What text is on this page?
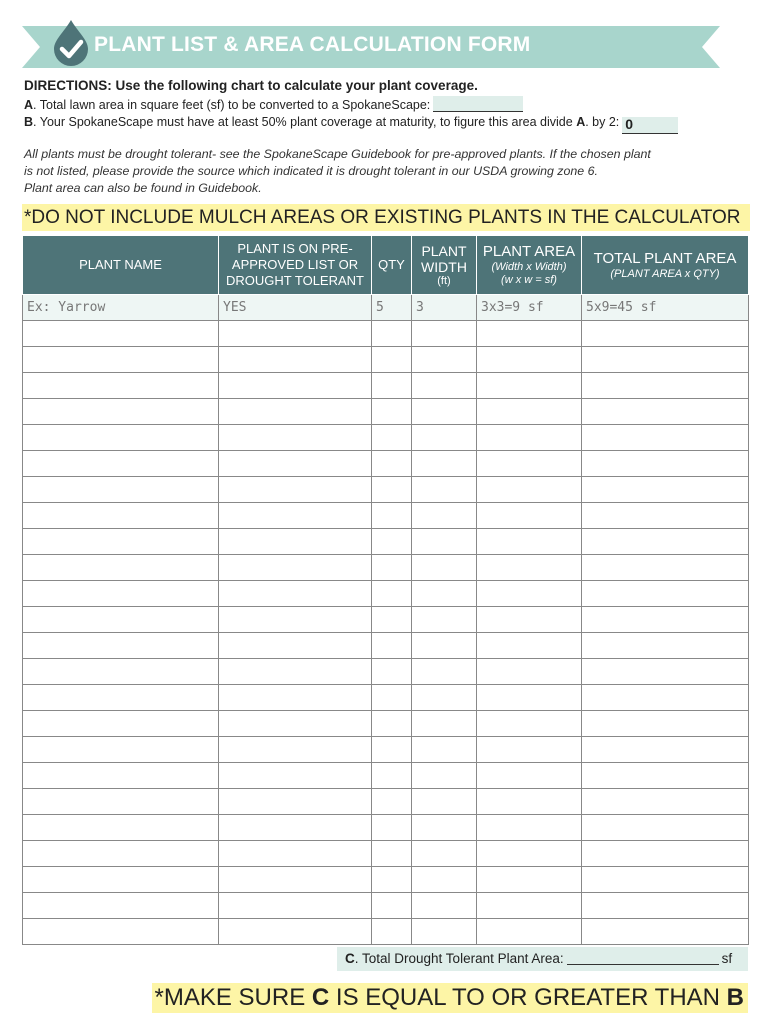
PLANT LIST & AREA CALCULATION FORM
DIRECTIONS: Use the following chart to calculate your plant coverage.
A. Total lawn area in square feet (sf) to be converted to a SpokaneScape:
B. Your SpokaneScape must have at least 50% plant coverage at maturity, to figure this area divide A. by 2: 0
All plants must be drought tolerant- see the SpokaneScape Guidebook for pre-approved plants. If the chosen plant
is not listed, please provide the source which indicated it is drought tolerant in our USDA growing zone 6.
Plant area can also be found in Guidebook.
*DO NOT INCLUDE MULCH AREAS OR EXISTING PLANTS IN THE CALCULATOR
PLANT NAME	PLANT IS ON PRE-
APPROVED LIST OR
DROUGHT TOLERANT	QTY	PLANT
WIDTH
(ft)	PLANT AREA
(Width x Width)
(w x w = sf)	TOTAL PLANT AREA
(PLANT AREA x QTY)

Ex: Yarrow	YES	5	3	3x3=9 sf	5x9=45 sf

C. Total Drought Tolerant Plant Area:	sf
*MAKE SURE C IS EQUAL TO OR GREATER THAN B
